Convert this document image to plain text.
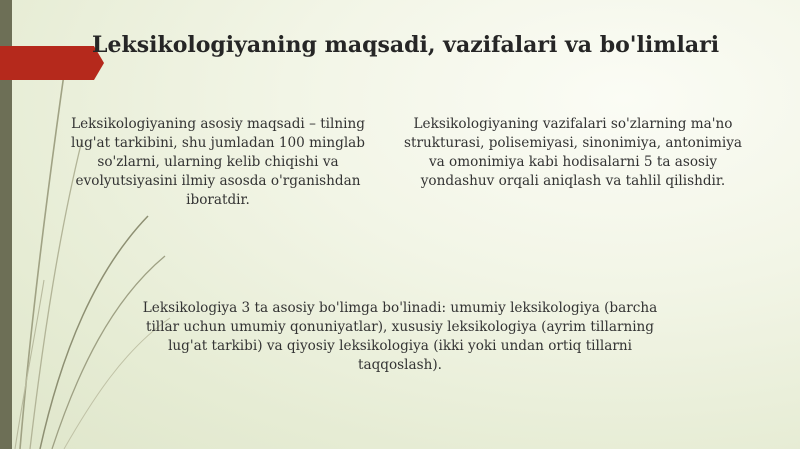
Leksikologiyaning maqsadi, vazifalari va bo'limlari

Leksikologiyaning asosiy maqsadi – tilning lug'at tarkibini, shu jumladan 100 minglab so'zlarni, ularning kelib chiqishi va evolyutsiyasini ilmiy asosda o'rganishdan iboratdir.

Leksikologiyaning vazifalari so'zlarning ma'no strukturasi, polisemiyasi, sinonimiya, antonimiya va omonimiya kabi hodisalarni 5 ta asosiy yondashuv orqali aniqlash va tahlil qilishdir.

Leksikologiya 3 ta asosiy bo'limga bo'linadi: umumiy leksikologiya (barcha tillar uchun umumiy qonuniyatlar), xususiy leksikologiya (ayrim tillarning lug'at tarkibi) va qiyosiy leksikologiya (ikki yoki undan ortiq tillarni taqqoslash).
